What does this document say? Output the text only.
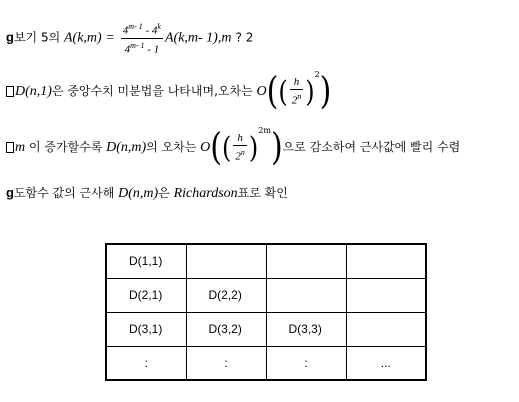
g보기 5의 $A(k,m) = \frac{4^{m- 1} - 4^k}{4^{m- 1} - 1} A(k,m-$ 1),m ? 2
D(n,1)은 중앙수치 미분법을 나타내며,오차는 $O(( \frac{h}{2^n} )^2)$
m 이 증가할수록 D(n,m)의 오차는 $O(( \frac{h}{2^n} )^{2m})$으로 감소하여 근사값에 빨리 수렴
g도함수 값의 근사해 D(n,m)은 Richardson표로 확인
D(1,1)			
D(2,1)	D(2,2)		
D(3,1)	D(3,2)	D(3,3)	
:	:	:	...
